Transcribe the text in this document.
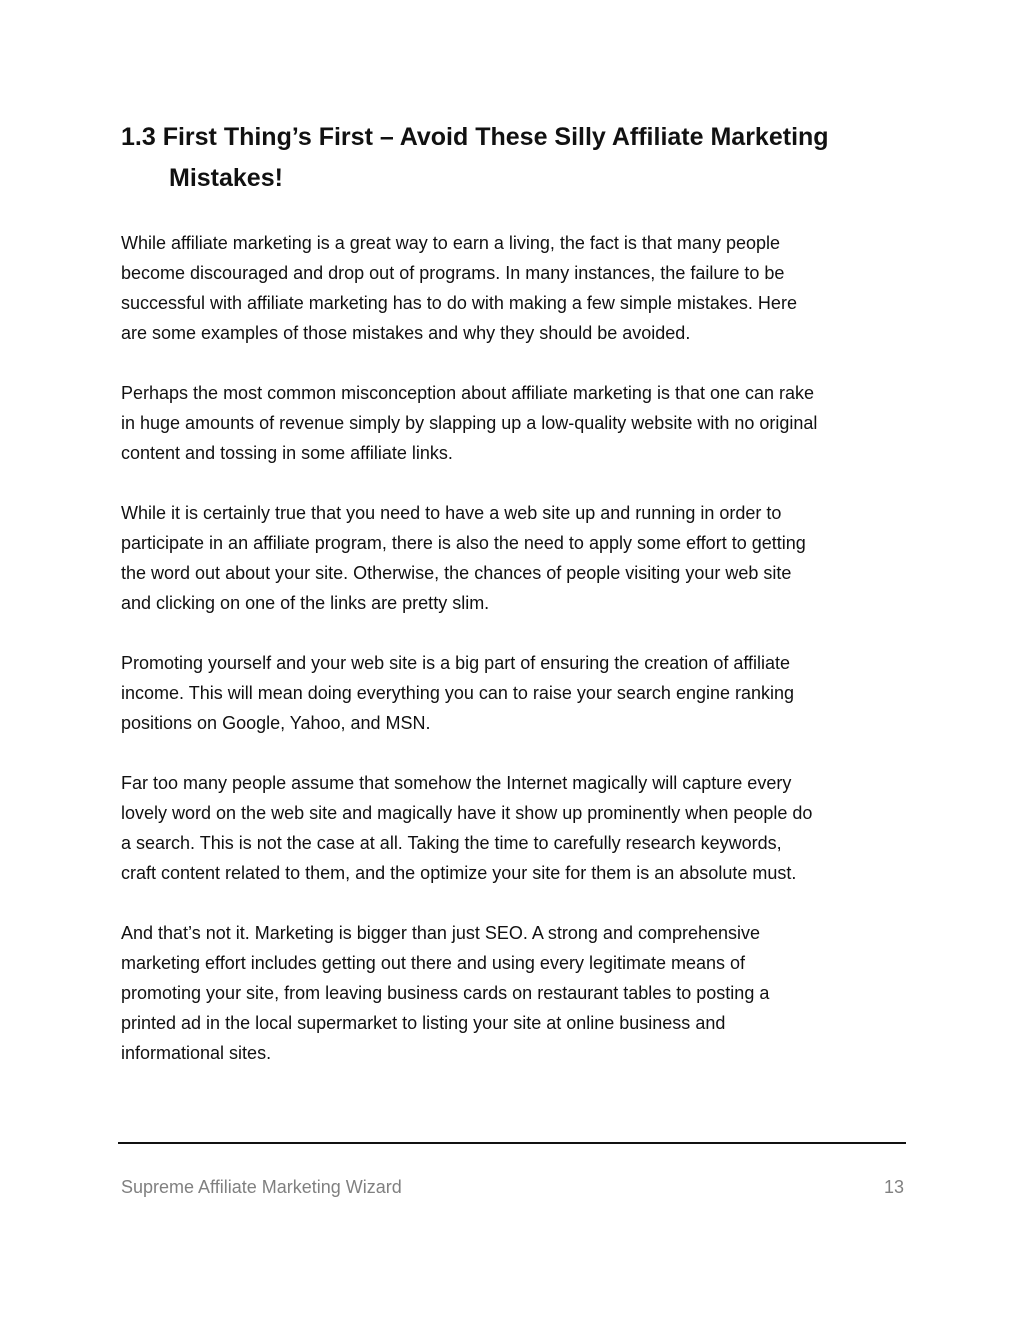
1.3 First Thing’s First – Avoid These Silly Affiliate Marketing
Mistakes!

While affiliate marketing is a great way to earn a living, the fact is that many people
become discouraged and drop out of programs. In many instances, the failure to be
successful with affiliate marketing has to do with making a few simple mistakes. Here
are some examples of those mistakes and why they should be avoided.

Perhaps the most common misconception about affiliate marketing is that one can rake
in huge amounts of revenue simply by slapping up a low-quality website with no original
content and tossing in some affiliate links.

While it is certainly true that you need to have a web site up and running in order to
participate in an affiliate program, there is also the need to apply some effort to getting
the word out about your site. Otherwise, the chances of people visiting your web site
and clicking on one of the links are pretty slim.

Promoting yourself and your web site is a big part of ensuring the creation of affiliate
income. This will mean doing everything you can to raise your search engine ranking
positions on Google, Yahoo, and MSN.

Far too many people assume that somehow the Internet magically will capture every
lovely word on the web site and magically have it show up prominently when people do
a search. This is not the case at all. Taking the time to carefully research keywords,
craft content related to them, and the optimize your site for them is an absolute must.

And that’s not it. Marketing is bigger than just SEO. A strong and comprehensive
marketing effort includes getting out there and using every legitimate means of
promoting your site, from leaving business cards on restaurant tables to posting a
printed ad in the local supermarket to listing your site at online business and
informational sites.

Supreme Affiliate Marketing Wizard	13
